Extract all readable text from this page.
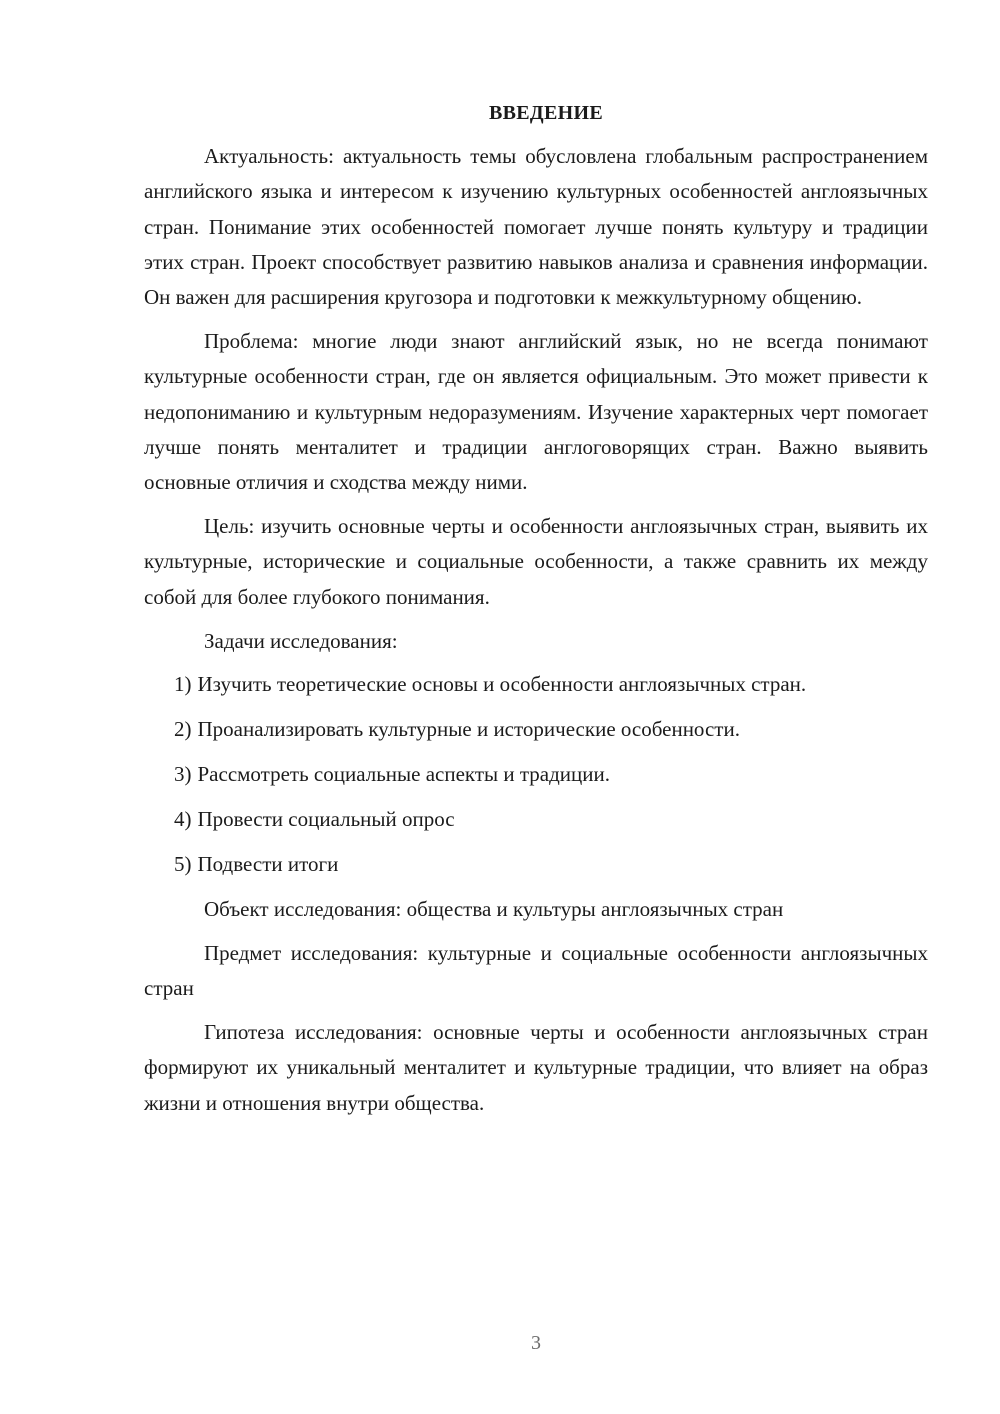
ВВЕДЕНИЕ

Актуальность: актуальность темы обусловлена глобальным распространением английского языка и интересом к изучению культурных особенностей англоязычных стран. Понимание этих особенностей помогает лучше понять культуру и традиции этих стран. Проект способствует развитию навыков анализа и сравнения информации. Он важен для расширения кругозора и подготовки к межкультурному общению.

Проблема: многие люди знают английский язык, но не всегда понимают культурные особенности стран, где он является официальным. Это может привести к недопониманию и культурным недоразумениям. Изучение характерных черт помогает лучше понять менталитет и традиции англоговорящих стран. Важно выявить основные отличия и сходства между ними.

Цель: изучить основные черты и особенности англоязычных стран, выявить их культурные, исторические и социальные особенности, а также сравнить их между собой для более глубокого понимания.

Задачи исследования:

1) Изучить теоретические основы и особенности англоязычных стран.
2) Проанализировать культурные и исторические особенности.
3) Рассмотреть социальные аспекты и традиции.
4) Провести социальный опрос
5) Подвести итоги

Объект исследования: общества и культуры англоязычных стран

Предмет исследования: культурные и социальные особенности англоязычных стран

Гипотеза исследования: основные черты и особенности англоязычных стран формируют их уникальный менталитет и культурные традиции, что влияет на образ жизни и отношения внутри общества.

3
